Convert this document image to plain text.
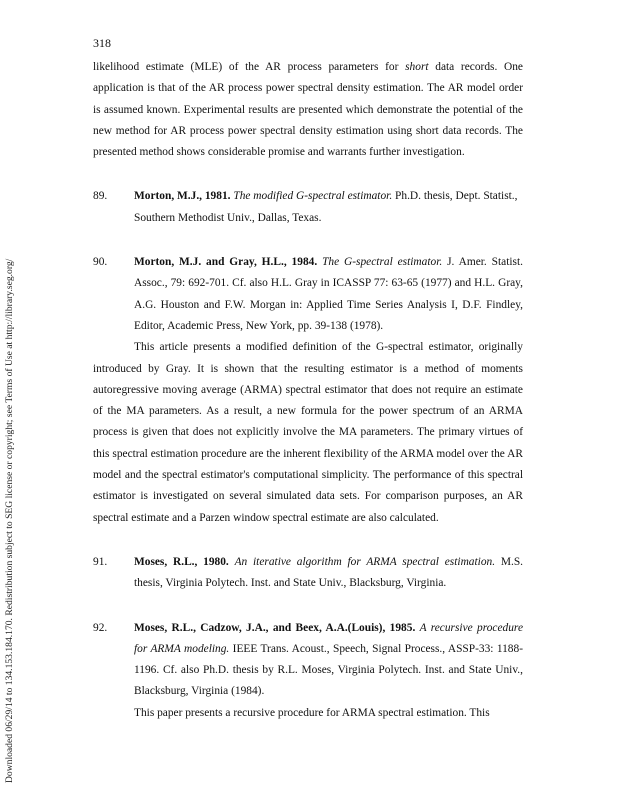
Downloaded 06/29/14 to 134.153.184.170. Redistribution subject to SEG license or copyright; see Terms of Use at http://library.seg.org/
318

likelihood estimate (MLE) of the AR process parameters for short data records. One application is that of the AR process power spectral density estimation. The AR model order is assumed known. Experimental results are presented which demonstrate the potential of the new method for AR process power spectral density estimation using short data records. The presented method shows considerable promise and warrants further investigation.

89. Morton, M.J., 1981. The modified G-spectral estimator. Ph.D. thesis, Dept. Statist., Southern Methodist Univ., Dallas, Texas.

90. Morton, M.J. and Gray, H.L., 1984. The G-spectral estimator. J. Amer. Statist. Assoc., 79: 692-701. Cf. also H.L. Gray in ICASSP 77: 63-65 (1977) and H.L. Gray, A.G. Houston and F.W. Morgan in: Applied Time Series Analysis I, D.F. Findley, Editor, Academic Press, New York, pp. 39-138 (1978).

This article presents a modified definition of the G-spectral estimator, originally introduced by Gray. It is shown that the resulting estimator is a method of moments autoregressive moving average (ARMA) spectral estimator that does not require an estimate of the MA parameters. As a result, a new formula for the power spectrum of an ARMA process is given that does not explicitly involve the MA parameters. The primary virtues of this spectral estimation procedure are the inherent flexibility of the ARMA model over the AR model and the spectral estimator's computational simplicity. The performance of this spectral estimator is investigated on several simulated data sets. For comparison purposes, an AR spectral estimate and a Parzen window spectral estimate are also calculated.

91. Moses, R.L., 1980. An iterative algorithm for ARMA spectral estimation. M.S. thesis, Virginia Polytech. Inst. and State Univ., Blacksburg, Virginia.

92. Moses, R.L., Cadzow, J.A., and Beex, A.A.(Louis), 1985. A recursive procedure for ARMA modeling. IEEE Trans. Acoust., Speech, Signal Process., ASSP-33: 1188-1196. Cf. also Ph.D. thesis by R.L. Moses, Virginia Polytech. Inst. and State Univ., Blacksburg, Virginia (1984).

This paper presents a recursive procedure for ARMA spectral estimation. This
